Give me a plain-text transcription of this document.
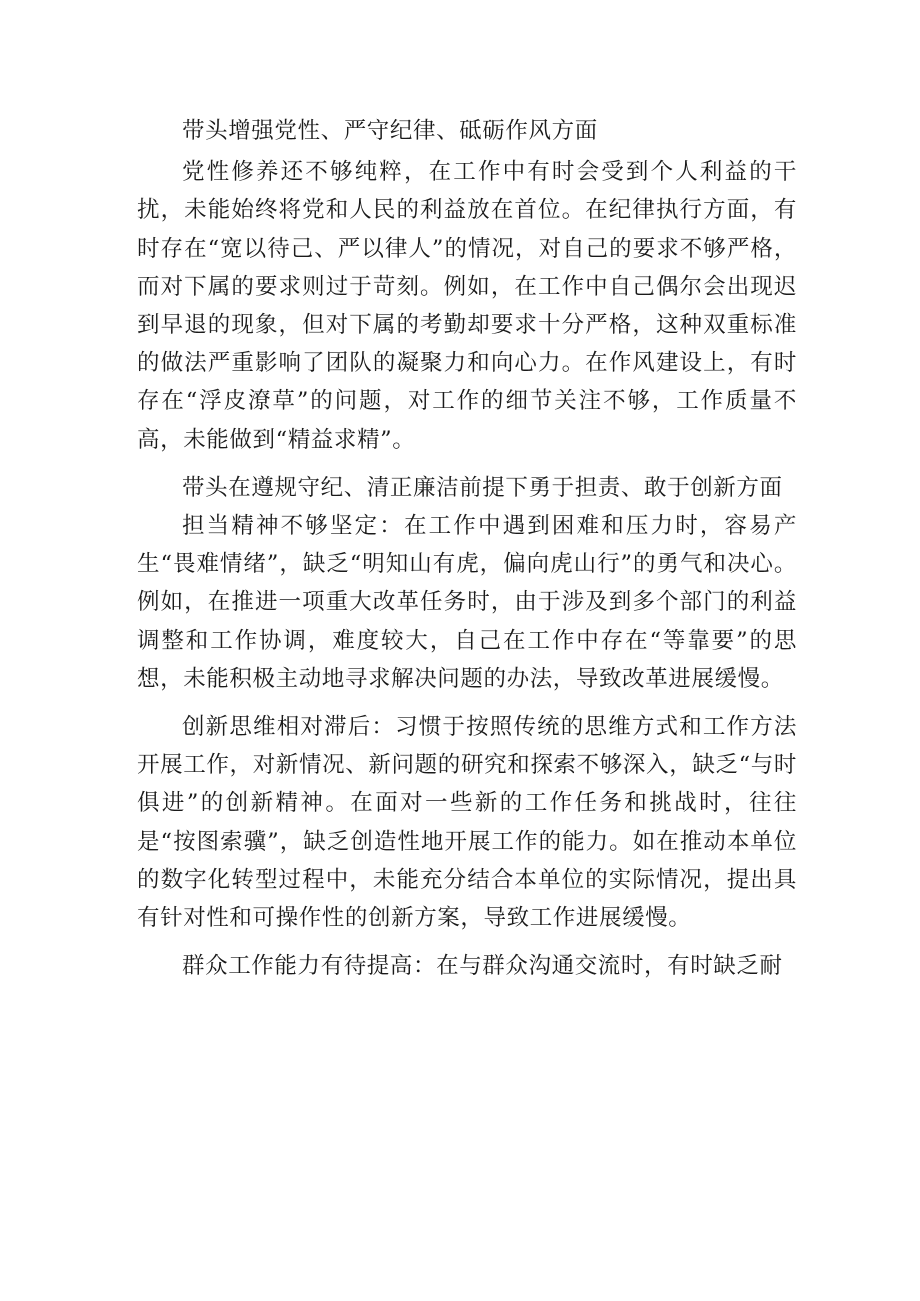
带头增强党性、严守纪律、砥砺作风方面

党性修养还不够纯粹，在工作中有时会受到个人利益的干扰，未能始终将党和人民的利益放在首位。在纪律执行方面，有时存在“宽以待己、严以律人”的情况，对自己的要求不够严格，而对下属的要求则过于苛刻。例如，在工作中自己偶尔会出现迟到早退的现象，但对下属的考勤却要求十分严格，这种双重标准的做法严重影响了团队的凝聚力和向心力。在作风建设上，有时存在“浮皮潦草”的问题，对工作的细节关注不够，工作质量不高，未能做到“精益求精”。

带头在遵规守纪、清正廉洁前提下勇于担责、敢于创新方面

担当精神不够坚定：在工作中遇到困难和压力时，容易产生“畏难情绪”，缺乏“明知山有虎，偏向虎山行”的勇气和决心。例如，在推进一项重大改革任务时，由于涉及到多个部门的利益调整和工作协调，难度较大，自己在工作中存在“等靠要”的思想，未能积极主动地寻求解决问题的办法，导致改革进展缓慢。

创新思维相对滞后：习惯于按照传统的思维方式和工作方法开展工作，对新情况、新问题的研究和探索不够深入，缺乏“与时俱进”的创新精神。在面对一些新的工作任务和挑战时，往往是“按图索骥”，缺乏创造性地开展工作的能力。如在推动本单位的数字化转型过程中，未能充分结合本单位的实际情况，提出具有针对性和可操作性的创新方案，导致工作进展缓慢。

群众工作能力有待提高：在与群众沟通交流时，有时缺乏耐
